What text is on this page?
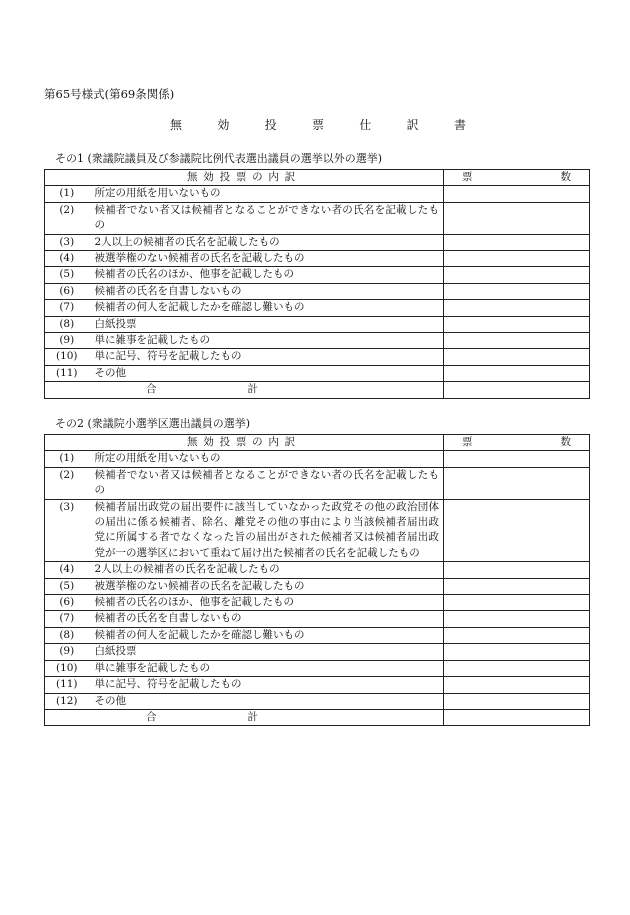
第65号様式(第69条関係)
無	効	投	票	仕	訳	書
その1 (衆議院議員及び参議院比例代表選出議員の選挙以外の選挙)
無効投票の内訳		票 数

(1)	所定の用紙を用いないもの	
(2)	候補者でない者又は候補者となることができない者の氏名を記載したもの	
(3)	2人以上の候補者の氏名を記載したもの	
(4)	被選挙権のない候補者の氏名を記載したもの	
(5)	候補者の氏名のほか、他事を記載したもの	
(6)	候補者の氏名を自書しないもの	
(7)	候補者の何人を記載したかを確認し難いもの	
(8)	白紙投票	
(9)	単に雑事を記載したもの	
(10)	単に記号、符号を記載したもの	
(11)	その他	

合 計		

その2 (衆議院小選挙区選出議員の選挙)
無効投票の内訳		票 数

(1)	所定の用紙を用いないもの	
(2)	候補者でない者又は候補者となることができない者の氏名を記載したもの	
(3)	候補者届出政党の届出要件に該当していなかった政党その他の政治団体の届出に係る候補者、除名、離党その他の事由により当該候補者届出政党に所属する者でなくなった旨の届出がされた候補者又は候補者届出政党が一の選挙区において重ねて届け出た候補者の氏名を記載したもの	
(4)	2人以上の候補者の氏名を記載したもの	
(5)	被選挙権のない候補者の氏名を記載したもの	
(6)	候補者の氏名のほか、他事を記載したもの	
(7)	候補者の氏名を自書しないもの	
(8)	候補者の何人を記載したかを確認し難いもの	
(9)	白紙投票	
(10)	単に雑事を記載したもの	
(11)	単に記号、符号を記載したもの	
(12)	その他	

合 計		
